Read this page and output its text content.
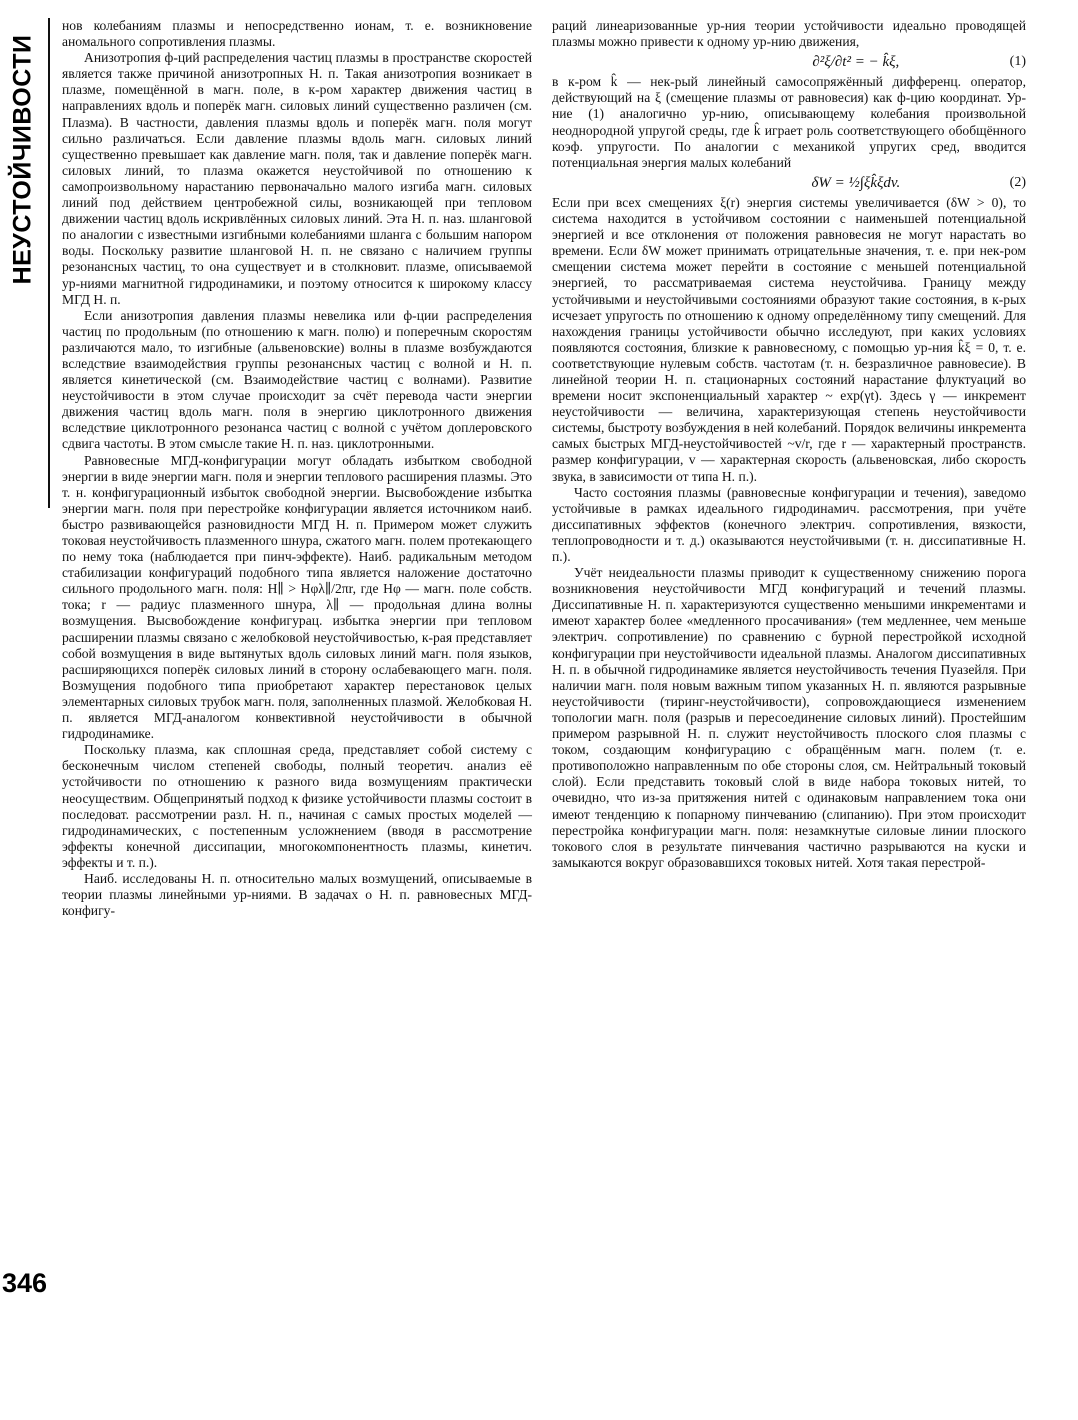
НЕУСТОЙЧИВОСТИ
346

нов колебаниям плазмы и непосредственно ионам, т. е. возникновение аномального сопротивления плазмы.

Анизотропия ф-ций распределения частиц плазмы в пространстве скоростей является также причиной анизотропных Н. п. Такая анизотропия возникает в плазме, помещённой в магн. поле, в к-ром характер движения частиц в направлениях вдоль и поперёк магн. силовых линий существенно различен (см. Плазма). В частности, давления плазмы вдоль и поперёк магн. поля могут сильно различаться. Если давление плазмы вдоль магн. силовых линий существенно превышает как давление магн. поля, так и давление поперёк магн. силовых линий, то плазма окажется неустойчивой по отношению к самопроизвольному нарастанию первоначально малого изгиба магн. силовых линий под действием центробежной силы, возникающей при тепловом движении частиц вдоль искривлённых силовых линий. Эта Н. п. наз. шланговой по аналогии с известными изгибными колебаниями шланга с большим напором воды. Поскольку развитие шланговой Н. п. не связано с наличием группы резонансных частиц, то она существует и в столкновит. плазме, описываемой ур-ниями магнитной гидродинамики, и поэтому относится к широкому классу МГД Н. п.

Если анизотропия давления плазмы невелика или ф-ции распределения частиц по продольным (по отношению к магн. полю) и поперечным скоростям различаются мало, то изгибные (альвеновские) волны в плазме возбуждаются вследствие взаимодействия группы резонансных частиц с волной и Н. п. является кинетической (см. Взаимодействие частиц с волнами). Развитие неустойчивости в этом случае происходит за счёт перевода части энергии движения частиц вдоль магн. поля в энергию циклотронного движения вследствие циклотронного резонанса частиц с волной с учётом доплеровского сдвига частоты. В этом смысле такие Н. п. наз. циклотронными.

Равновесные МГД-конфигурации могут обладать избытком свободной энергии в виде энергии магн. поля и энергии теплового расширения плазмы. Это т. н. конфигурационный избыток свободной энергии. Высвобождение избытка энергии магн. поля при перестройке конфигурации является источником наиб. быстро развивающейся разновидности МГД Н. п. Примером может служить токовая неустойчивость плазменного шнура, сжатого магн. полем протекающего по нему тока (наблюдается при пинч-эффекте). Наиб. радикальным методом стабилизации конфигураций подобного типа является наложение достаточно сильного продольного магн. поля: H∥ > Hφλ∥/2πr, где Hφ — магн. поле собств. тока; r — радиус плазменного шнура, λ∥ — продольная длина волны возмущения. Высвобождение конфигурац. избытка энергии при тепловом расширении плазмы связано с желобковой неустойчивостью, к-рая представляет собой возмущения в виде вытянутых вдоль силовых линий магн. поля языков, расширяющихся поперёк силовых линий в сторону ослабевающего магн. поля. Возмущения подобного типа приобретают характер перестановок целых элементарных силовых трубок магн. поля, заполненных плазмой. Желобковая Н. п. является МГД-аналогом конвективной неустойчивости в обычной гидродинамике.

Поскольку плазма, как сплошная среда, представляет собой систему с бесконечным числом степеней свободы, полный теоретич. анализ её устойчивости по отношению к разного вида возмущениям практически неосуществим. Общепринятый подход к физике устойчивости плазмы состоит в последоват. рассмотрении разл. Н. п., начиная с самых простых моделей — гидродинамических, с постепенным усложнением (вводя в рассмотрение эффекты конечной диссипации, многокомпонентность плазмы, кинетич. эффекты и т. п.).

Наиб. исследованы Н. п. относительно малых возмущений, описываемые в теории плазмы линейными ур-ниями. В задачах о Н. п. равновесных МГД-конфигу-

раций линеаризованные ур-ния теории устойчивости идеально проводящей плазмы можно привести к одному ур-нию движения,

∂²ξ/∂t² = − k̂ξ,	(1)

в к-ром k̂ — нек-рый линейный самосопряжённый дифференц. оператор, действующий на ξ (смещение плазмы от равновесия) как ф-цию координат. Ур-ние (1) аналогично ур-нию, описывающему колебания произвольной неоднородной упругой среды, где k̂ играет роль соответствующего обобщённого коэф. упругости. По аналогии с механикой упругих сред, вводится потенциальная энергия малых колебаний

δW = ½∫ξk̂ξdv.	(2)

Если при всех смещениях ξ(r) энергия системы увеличивается (δW > 0), то система находится в устойчивом состоянии с наименьшей потенциальной энергией и все отклонения от положения равновесия не могут нарастать во времени. Если δW может принимать отрицательные значения, т. е. при нек-ром смещении система может перейти в состояние с меньшей потенциальной энергией, то рассматриваемая система неустойчива. Границу между устойчивыми и неустойчивыми состояниями образуют такие состояния, в к-рых исчезает упругость по отношению к одному определённому типу смещений. Для нахождения границы устойчивости обычно исследуют, при каких условиях появляются состояния, близкие к равновесному, с помощью ур-ния k̂ξ = 0, т. е. соответствующие нулевым собств. частотам (т. н. безразличное равновесие). В линейной теории Н. п. стационарных состояний нарастание флуктуаций во времени носит экспоненциальный характер ~ exp(γt). Здесь γ — инкремент неустойчивости — величина, характеризующая степень неустойчивости системы, быстроту возбуждения в ней колебаний. Порядок величины инкремента самых быстрых МГД-неустойчивостей ~v/r, где r — характерный пространств. размер конфигурации, v — характерная скорость (альвеновская, либо скорость звука, в зависимости от типа Н. п.).

Часто состояния плазмы (равновесные конфигурации и течения), заведомо устойчивые в рамках идеального гидродинамич. рассмотрения, при учёте диссипативных эффектов (конечного электрич. сопротивления, вязкости, теплопроводности и т. д.) оказываются неустойчивыми (т. н. диссипативные Н. п.).

Учёт неидеальности плазмы приводит к существенному снижению порога возникновения неустойчивости МГД конфигураций и течений плазмы. Диссипативные Н. п. характеризуются существенно меньшими инкрементами и имеют характер более «медленного просачивания» (тем медленнее, чем меньше электрич. сопротивление) по сравнению с бурной перестройкой исходной конфигурации при неустойчивости идеальной плазмы. Аналогом диссипативных Н. п. в обычной гидродинамике является неустойчивость течения Пуазейля. При наличии магн. поля новым важным типом указанных Н. п. являются разрывные неустойчивости (тиринг-неустойчивости), сопровождающиеся изменением топологии магн. поля (разрыв и пересоединение силовых линий). Простейшим примером разрывной Н. п. служит неустойчивость плоского слоя плазмы с током, создающим конфигурацию с обращённым магн. полем (т. е. противоположно направленным по обе стороны слоя, см. Нейтральный токовый слой). Если представить токовый слой в виде набора токовых нитей, то очевидно, что из-за притяжения нитей с одинаковым направлением тока они имеют тенденцию к попарному пинчеванию (слипанию). При этом происходит перестройка конфигурации магн. поля: незамкнутые силовые линии плоского токового слоя в результате пинчевания частично разрываются на куски и замыкаются вокруг образовавшихся токовых нитей. Хотя такая перестрой-
